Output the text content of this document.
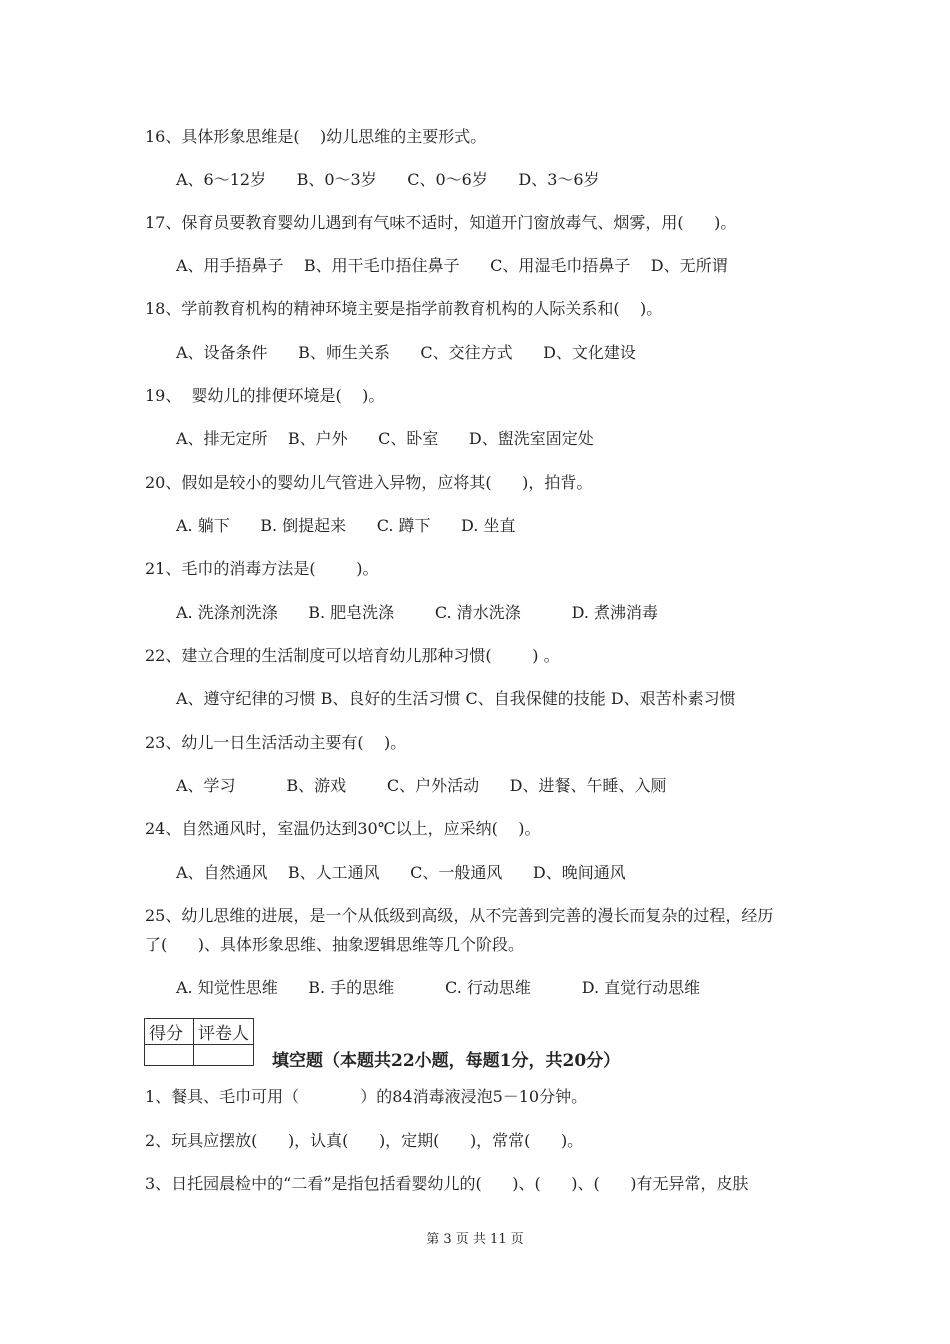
16、具体形象思维是(    )幼儿思维的主要形式。
A、6～12岁      B、0～3岁      C、0～6岁      D、3～6岁
17、保育员要教育婴幼儿遇到有气味不适时，知道开门窗放毒气、烟雾，用(      )。
A、用手捂鼻子    B、用干毛巾捂住鼻子      C、用湿毛巾捂鼻子    D、无所谓
18、学前教育机构的精神环境主要是指学前教育机构的人际关系和(    )。
A、设备条件      B、师生关系      C、交往方式      D、文化建设
19、  婴幼儿的排便环境是(    )。
A、排无定所    B、户外      C、卧室      D、盥洗室固定处
20、假如是较小的婴幼儿气管进入异物，应将其(      )，拍背。
A. 躺下      B. 倒提起来      C. 蹲下      D. 坐直
21、毛巾的消毒方法是(        )。
A. 洗涤剂洗涤      B. 肥皂洗涤        C. 清水洗涤          D. 煮沸消毒
22、建立合理的生活制度可以培育幼儿那种习惯(        ) 。
A、遵守纪律的习惯 B、良好的生活习惯 C、自我保健的技能 D、艰苦朴素习惯
23、幼儿一日生活活动主要有(    )。
A、学习          B、游戏        C、户外活动      D、进餐、午睡、入厕
24、自然通风时，室温仍达到30℃以上，应采纳(    )。
A、自然通风    B、人工通风      C、一般通风      D、晚间通风
25、幼儿思维的进展，是一个从低级到高级，从不完善到完善的漫长而复杂的过程，经历
了(      )、具体形象思维、抽象逻辑思维等几个阶段。
A. 知觉性思维      B. 手的思维          C. 行动思维          D. 直觉行动思维
得分	评卷人

填空题（本题共22小题，每题1分，共20分）
1、餐具、毛巾可用（            ）的84消毒液浸泡5－10分钟。
2、玩具应摆放(      )，认真(      )，定期(      )，常常(      )。
3、日托园晨检中的“二看”是指包括看婴幼儿的(      )、(      )、(      )有无异常，皮肤
第 3 页 共 11 页
